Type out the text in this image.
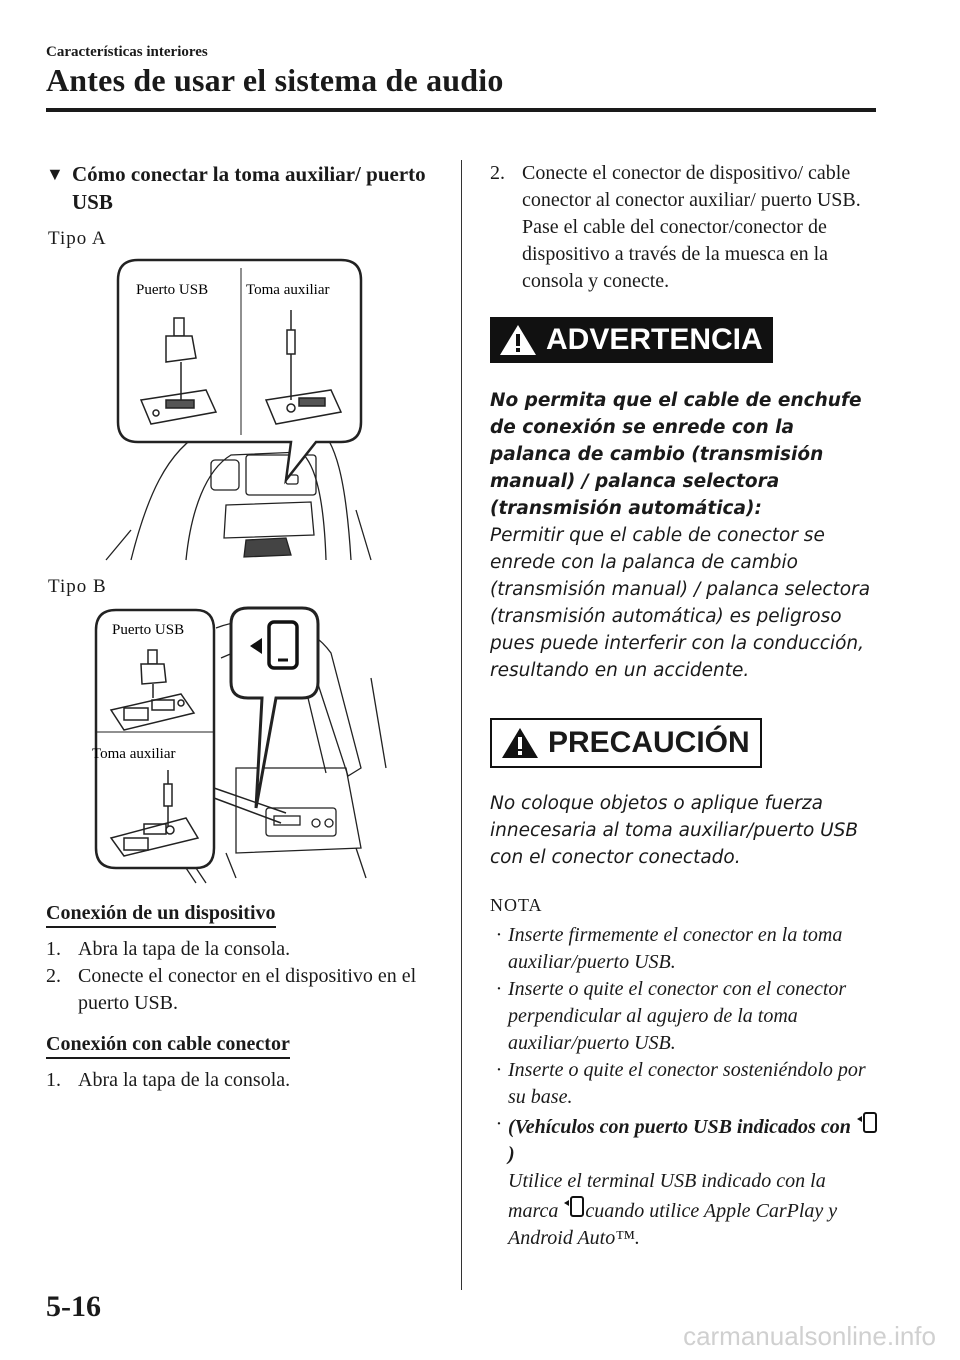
Características interiores
Antes de usar el sistema de audio
▼ Cómo conectar la toma auxiliar/ puerto USB
Tipo A
Puerto USB	Toma auxiliar
Tipo B
Puerto USB
Toma auxiliar
Conexión de un dispositivo
1. Abra la tapa de la consola.
2. Conecte el conector en el dispositivo en el puerto USB.
Conexión con cable conector
1. Abra la tapa de la consola.
2. Conecte el conector de dispositivo/ cable conector al conector auxiliar/ puerto USB. Pase el cable del conector/conector de dispositivo a través de la muesca en la consola y conecte.
ADVERTENCIA
No permita que el cable de enchufe de conexión se enrede con la palanca de cambio (transmisión manual) / palanca selectora (transmisión automática):
Permitir que el cable de conector se enrede con la palanca de cambio (transmisión manual) / palanca selectora (transmisión automática) es peligroso pues puede interferir con la conducción, resultando en un accidente.
PRECAUCIÓN
No coloque objetos o aplique fuerza innecesaria al toma auxiliar/puerto USB con el conector conectado.
NOTA
· Inserte firmemente el conector en la toma auxiliar/puerto USB.
· Inserte o quite el conector con el conector perpendicular al agujero de la toma auxiliar/puerto USB.
· Inserte o quite el conector sosteniéndolo por su base.
· (Vehículos con puerto USB indicados con )
Utilice el terminal USB indicado con la marca cuando utilice Apple CarPlay y Android Auto™.
5-16
carmanualsonline.info
